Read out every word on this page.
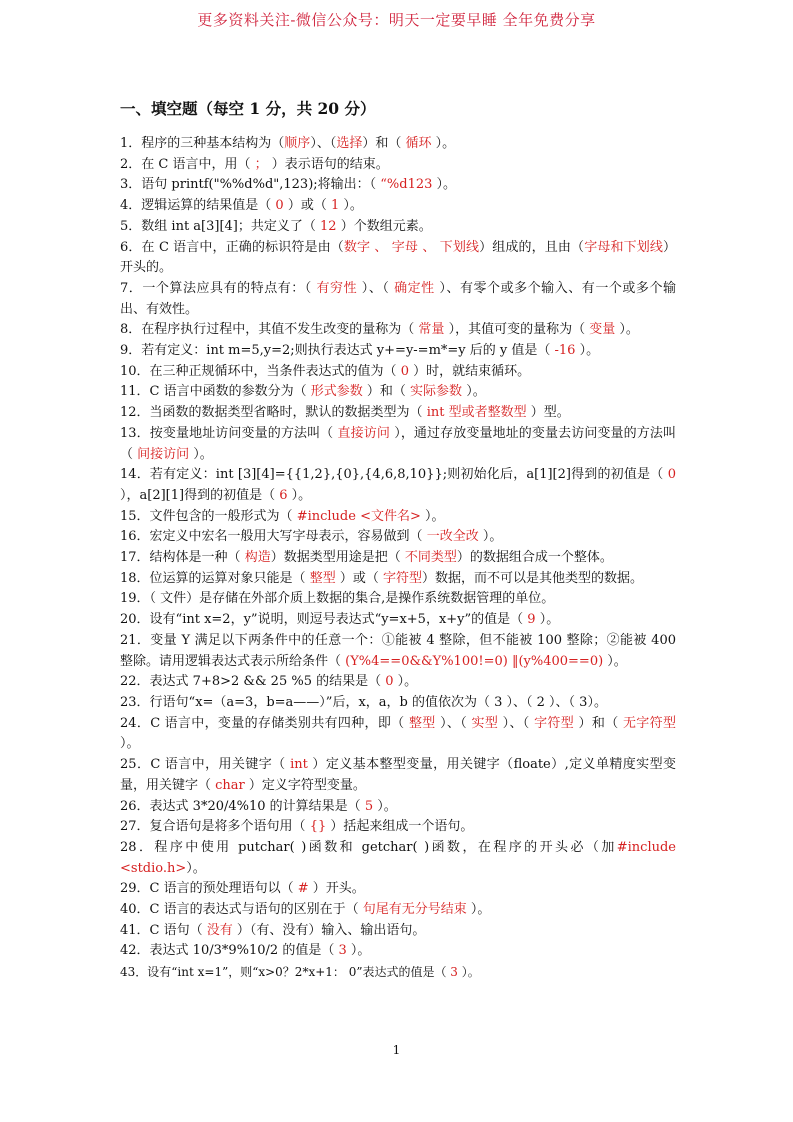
更多资料关注-微信公众号：明天一定要早睡 全年免费分享
一、填空题（每空 1 分，共 20 分）

1．程序的三种基本结构为（顺序）、（选择）和（ 循环 ）。

2．在 C 语言中，用（ ； ）表示语句的结束。

3．语句 printf("%%d%d",123);将输出：（ “%d123 ）。

4．逻辑运算的结果值是（ 0 ）或（ 1 ）。

5．数组 int a[3][4]；共定义了（ 12 ）个数组元素。

6．在 C 语言中，正确的标识符是由（数字 、 字母 、 下划线）组成的，且由（字母和下划线）开头的。

7．一个算法应具有的特点有：（ 有穷性 ）、（ 确定性 ）、有零个或多个输入、有一个或多个输出、有效性。

8．在程序执行过程中，其值不发生改变的量称为（ 常量 ），其值可变的量称为（ 变量 ）。

9．若有定义：int m=5,y=2;则执行表达式 y+=y-=m*=y 后的 y 值是（ -16 ）。

10．在三种正规循环中，当条件表达式的值为（ 0 ）时，就结束循环。

11．C 语言中函数的参数分为（ 形式参数 ）和（ 实际参数 ）。

12．当函数的数据类型省略时，默认的数据类型为（ int 型或者整数型 ）型。

13．按变量地址访问变量的方法叫（ 直接访问 ），通过存放变量地址的变量去访问变量的方法叫（ 间接访问 ）。

14．若有定义：int [3][4]={{1,2},{0},{4,6,8,10}};则初始化后，a[1][2]得到的初值是（ 0 ），a[2][1]得到的初值是（ 6 ）。

15．文件包含的一般形式为（ #include <文件名> ）。

16．宏定义中宏名一般用大写字母表示，容易做到（ 一改全改 ）。

17．结构体是一种（ 构造）数据类型用途是把（ 不同类型）的数据组合成一个整体。

18．位运算的运算对象只能是（ 整型 ）或（ 字符型）数据，而不可以是其他类型的数据。

19．（ 文件）是存储在外部介质上数据的集合,是操作系统数据管理的单位。

20．设有“int x=2，y”说明，则逗号表达式“y=x+5，x+y”的值是（ 9 ）。

21．变量 Y 满足以下两条件中的任意一个：①能被 4 整除，但不能被 100 整除；②能被 400 整除。请用逻辑表达式表示所给条件（ (Y%4==0&&Y%100!=0) ‖(y%400==0) ）。

22．表达式 7+8>2 && 25 %5 的结果是（ 0 ）。

23．行语句“x=（a=3，b=a——）”后，x，a，b 的值依次为（ 3 ）、（ 2 ）、（ 3）。

24．C 语言中，变量的存储类别共有四种，即（ 整型 ）、（ 实型 ）、（ 字符型 ）和（ 无字符型 ）。

25．C 语言中，用关键字（ int ）定义基本整型变量，用关键字（floate）,定义单精度实型变量，用关键字（ char ）定义字符型变量。

26．表达式 3*20/4%10 的计算结果是（ 5 ）。

27．复合语句是将多个语句用（ {} ）括起来组成一个语句。

28．程序中使用 putchar( )函数和 getchar( )函数，在程序的开头必（加#include <stdio.h>）。

29．C 语言的预处理语句以（ # ）开头。

40．C 语言的表达式与语句的区别在于（ 句尾有无分号结束 ）。

41．C 语句（ 没有 ）（有、没有）输入、输出语句。

42．表达式 10/3*9%10/2 的值是（ 3 ）。

43．设有“int x=1”，则“x>0？2*x+1： 0”表达式的值是（ 3 ）。

1
